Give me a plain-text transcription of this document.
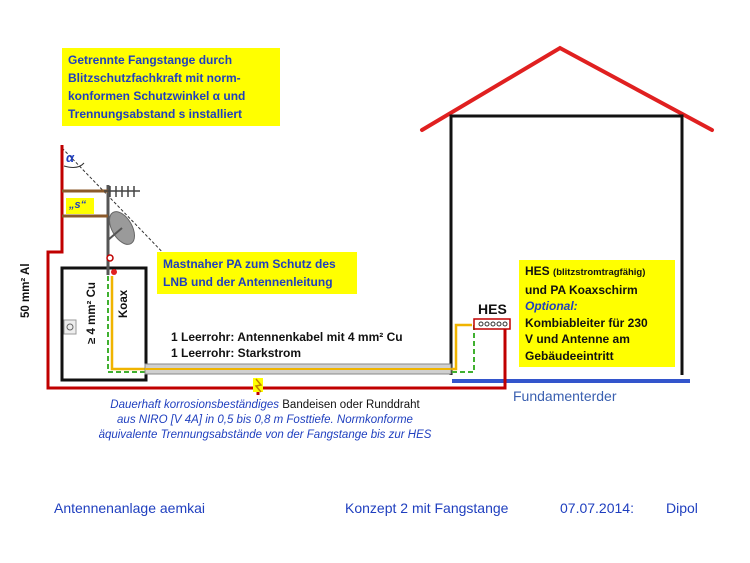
Getrennte Fangstange durch
Blitzschutzfachkraft mit norm-
konformen Schutzwinkel α und
Trennungsabstand s installiert
Mastnaher PA zum Schutz des
LNB und der Antennenleitung
HES (blitzstromtragfähig)
und PA Koaxschirm
Optional:
Kombiableiter für 230
V und Antenne am
Gebäudeeintritt
α
„s“
50 mm² Al	≥ 4 mm² Cu Koax	HES
1 Leerrohr: Antennenkabel mit 4 mm² Cu
1 Leerrohr: Starkstrom
Fundamenterder
Dauerhaft korrosionsbeständiges Bandeisen oder Runddraht
aus NIRO [V 4A] in 0,5 bis 0,8 m Fosttiefe. Normkonforme
äquivalente Trennungsabstände von der Fangstange bis zur HES
Antennenanlage aemkai	Konzept 2 mit Fangstange	07.07.2014: Dipol
